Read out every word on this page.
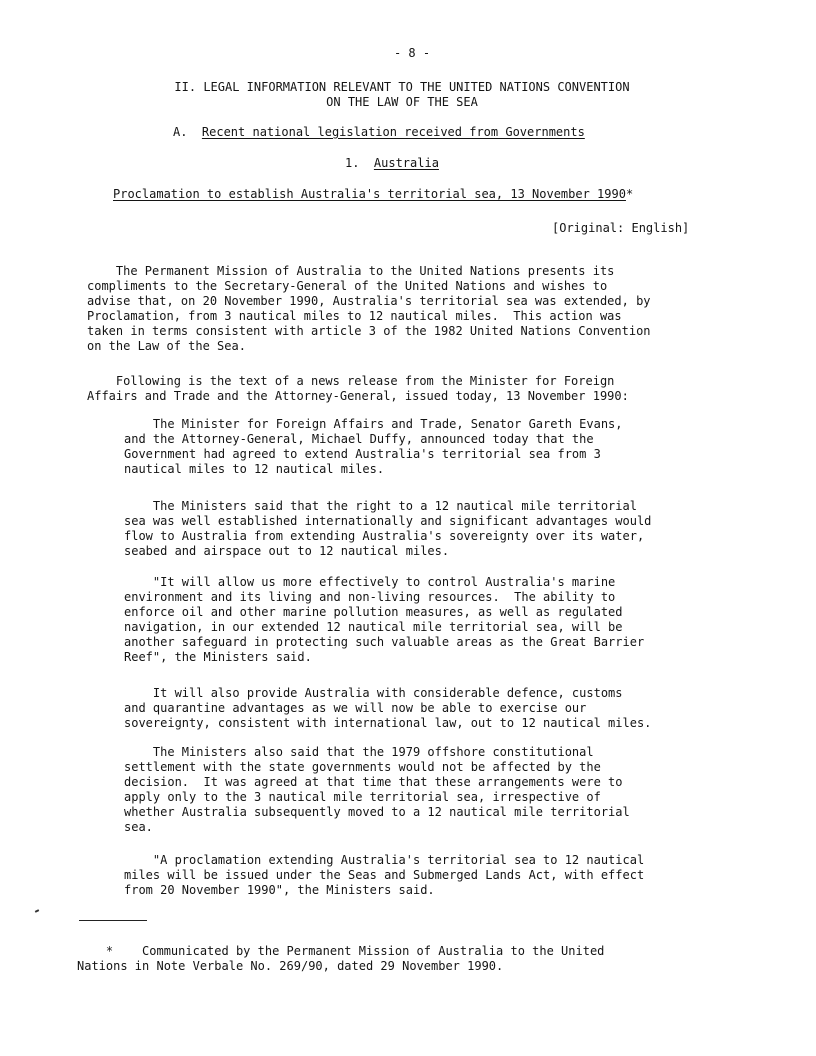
- 8 -
II. LEGAL INFORMATION RELEVANT TO THE UNITED NATIONS CONVENTION
ON THE LAW OF THE SEA
A. Recent national legislation received from Governments
1. Australia
Proclamation to establish Australia's territorial sea, 13 November 1990*
[Original: English]
The Permanent Mission of Australia to the United Nations presents its
compliments to the Secretary-General of the United Nations and wishes to
advise that, on 20 November 1990, Australia's territorial sea was extended, by
Proclamation, from 3 nautical miles to 12 nautical miles.  This action was
taken in terms consistent with article 3 of the 1982 United Nations Convention
on the Law of the Sea.
Following is the text of a news release from the Minister for Foreign
Affairs and Trade and the Attorney-General, issued today, 13 November 1990:
The Minister for Foreign Affairs and Trade, Senator Gareth Evans,
and the Attorney-General, Michael Duffy, announced today that the
Government had agreed to extend Australia's territorial sea from 3
nautical miles to 12 nautical miles.
The Ministers said that the right to a 12 nautical mile territorial
sea was well established internationally and significant advantages would
flow to Australia from extending Australia's sovereignty over its water,
seabed and airspace out to 12 nautical miles.
"It will allow us more effectively to control Australia's marine
environment and its living and non-living resources.  The ability to
enforce oil and other marine pollution measures, as well as regulated
navigation, in our extended 12 nautical mile territorial sea, will be
another safeguard in protecting such valuable areas as the Great Barrier
Reef", the Ministers said.
It will also provide Australia with considerable defence, customs
and quarantine advantages as we will now be able to exercise our
sovereignty, consistent with international law, out to 12 nautical miles.
The Ministers also said that the 1979 offshore constitutional
settlement with the state governments would not be affected by the
decision.  It was agreed at that time that these arrangements were to
apply only to the 3 nautical mile territorial sea, irrespective of
whether Australia subsequently moved to a 12 nautical mile territorial
sea.
"A proclamation extending Australia's territorial sea to 12 nautical
miles will be issued under the Seas and Submerged Lands Act, with effect
from 20 November 1990", the Ministers said.
*    Communicated by the Permanent Mission of Australia to the United
Nations in Note Verbale No. 269/90, dated 29 November 1990.
